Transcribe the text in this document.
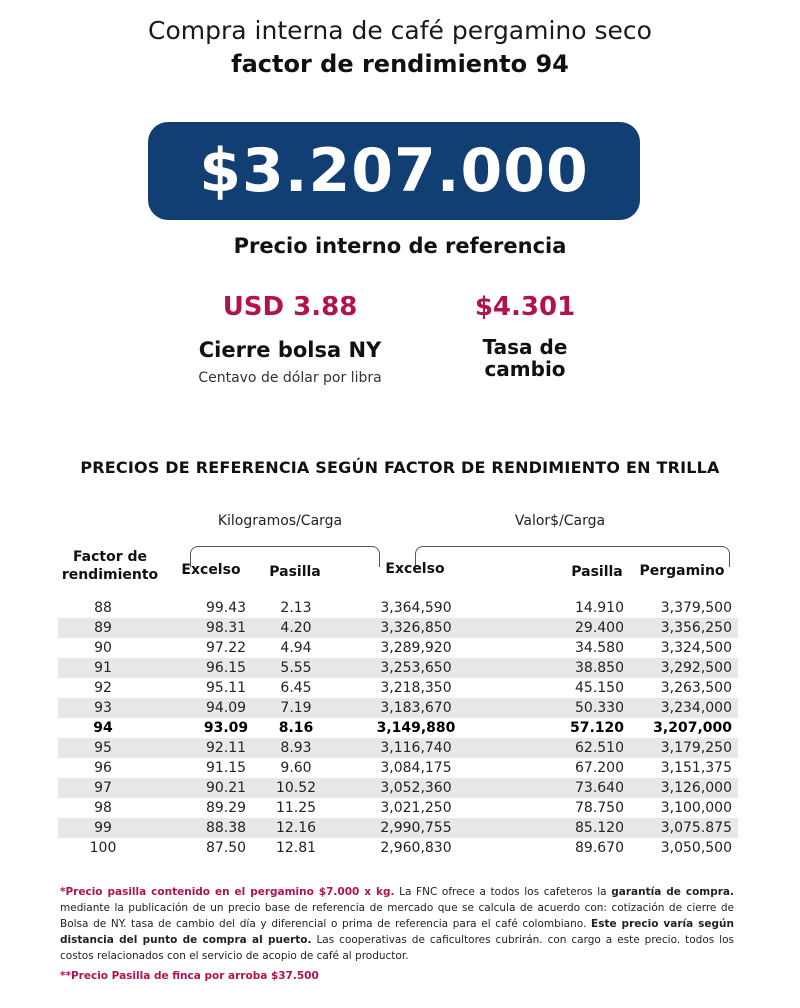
Compra interna de café pergamino seco
factor de rendimiento 94
$3.207.000
Precio interno de referencia
USD 3.88
Cierre bolsa NY
Centavo de dólar por libra
$4.301
Tasa de
cambio
PRECIOS DE REFERENCIA SEGÚN FACTOR DE RENDIMIENTO EN TRILLA
Kilogramos/Carga	Valor$/Carga
Factor de
rendimiento	Excelso	Pasilla	Excelso	Pasilla	Pergamino
88	99.43	2.13	3,364,590	14.910	3,379,500
89	98.31	4.20	3,326,850	29.400	3,356,250
90	97.22	4.94	3,289,920	34.580	3,324,500
91	96.15	5.55	3,253,650	38.850	3,292,500
92	95.11	6.45	3,218,350	45.150	3,263,500
93	94.09	7.19	3,183,670	50.330	3,234,000
94	93.09	8.16	3,149,880	57.120	3,207,000
95	92.11	8.93	3,116,740	62.510	3,179,250
96	91.15	9.60	3,084,175	67.200	3,151,375
97	90.21	10.52	3,052,360	73.640	3,126,000
98	89.29	11.25	3,021,250	78.750	3,100,000
99	88.38	12.16	2,990,755	85.120	3,075.875
100	87.50	12.81	2,960,830	89.670	3,050,500
*Precio pasilla contenido en el pergamino $7.000 x kg. La FNC ofrece a todos los cafeteros la garantía de compra. mediante la publicación de un precio base de referencia de mercado que se calcula de acuerdo con: cotización de cierre de Bolsa de NY. tasa de cambio del día y diferencial o prima de referencia para el café colombiano. Este precio varía según distancia del punto de compra al puerto. Las cooperativas de caficultores cubrirán. con cargo a este precio. todos los costos relacionados con el servicio de acopio de café al productor.
**Precio Pasilla de finca por arroba $37.500
